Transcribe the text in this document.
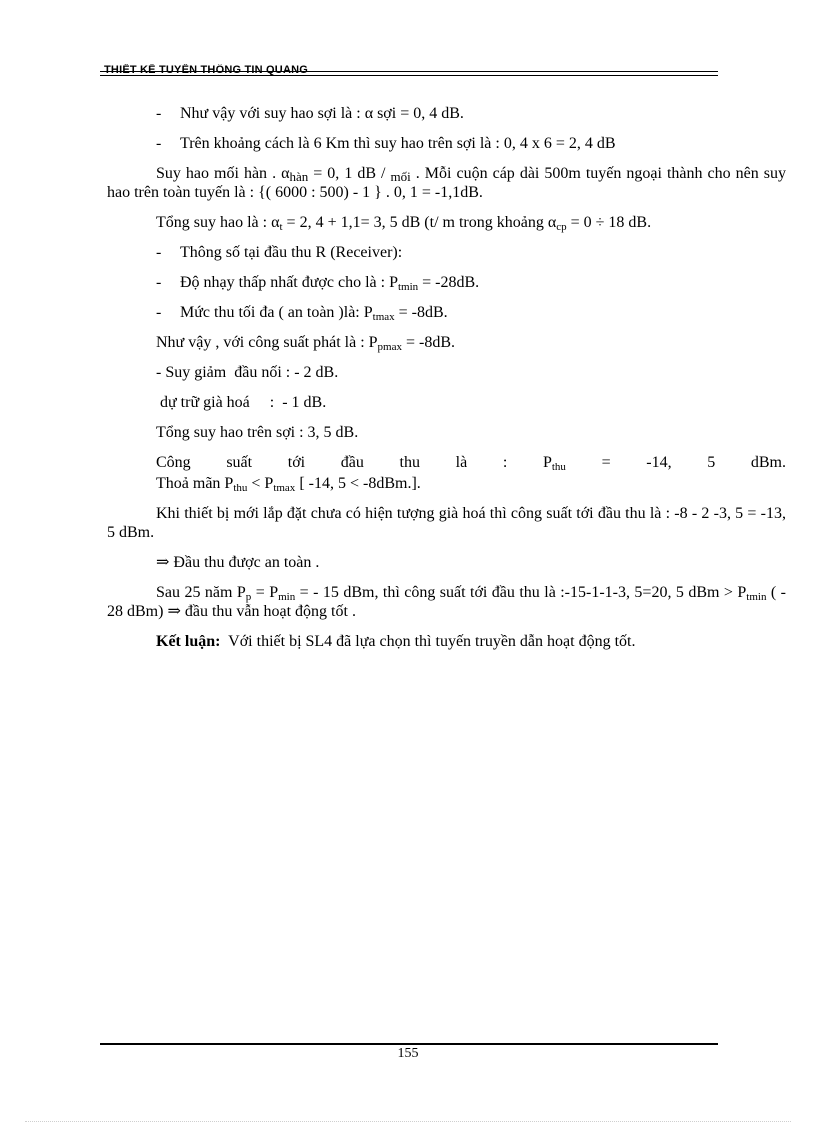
THIẾT KẾ TUYẾN THÔNG TIN QUANG

- Như vậy với suy hao sợi là : α sợi = 0, 4 dB.

- Trên khoảng cách là 6 Km thì suy hao trên sợi là : 0, 4 x 6 = 2, 4 dB

Suy hao mối hàn . $\alpha_{hàn} = 0$, 1 dB / $_{mối}$ . Mỗi cuộn cáp dài 500m tuyến ngoại thành cho nên suy hao trên toàn tuyến là : {( 6000 : 500) - 1 } . 0, 1 = -1,1dB.

Tổng suy hao là : $\alpha_t = 2$, 4 + 1,1= 3, 5 dB (t/ m trong khoảng $\alpha_{cp} = 0 \div 18$ dB.

- Thông số tại đầu thu R (Receiver):

- Độ nhạy thấp nhất được cho là : $P_{tmin} = -28dB$.

- Mức thu tối đa ( an toàn )là: $P_{tmax} = -8dB$.

Như vậy , với công suất phát là : $P_{pmax} = -8dB$.

- Suy giảm  đầu nối : - 2 dB.

dự trữ già hoá     :  - 1 dB.

Tổng suy hao trên sợi : 3, 5 dB.

Công suất tới đầu thu là : $P_{thu} = -14$, 5 dBm.

Thoả mãn $P_{thu} < P_{tmax}$ [ -14, 5 < -8dBm.].

Khi thiết bị mới lắp đặt chưa có hiện tượng già hoá thì công suất tới đầu thu là : -8 - 2 -3, 5 = -13, 5 dBm.

⇒ Đầu thu được an toàn .

Sau 25 năm $P_p = P_{min}$ = - 15 dBm, thì công suất tới đầu thu là :-15-1-1-3, 5=20, 5 dBm > $P_{tmin}$ ( - 28 dBm) ⇒ đầu thu vẫn hoạt động tốt .

Kết luận:  Với thiết bị SL4 đã lựa chọn thì tuyến truyền dẫn hoạt động tốt.

155
